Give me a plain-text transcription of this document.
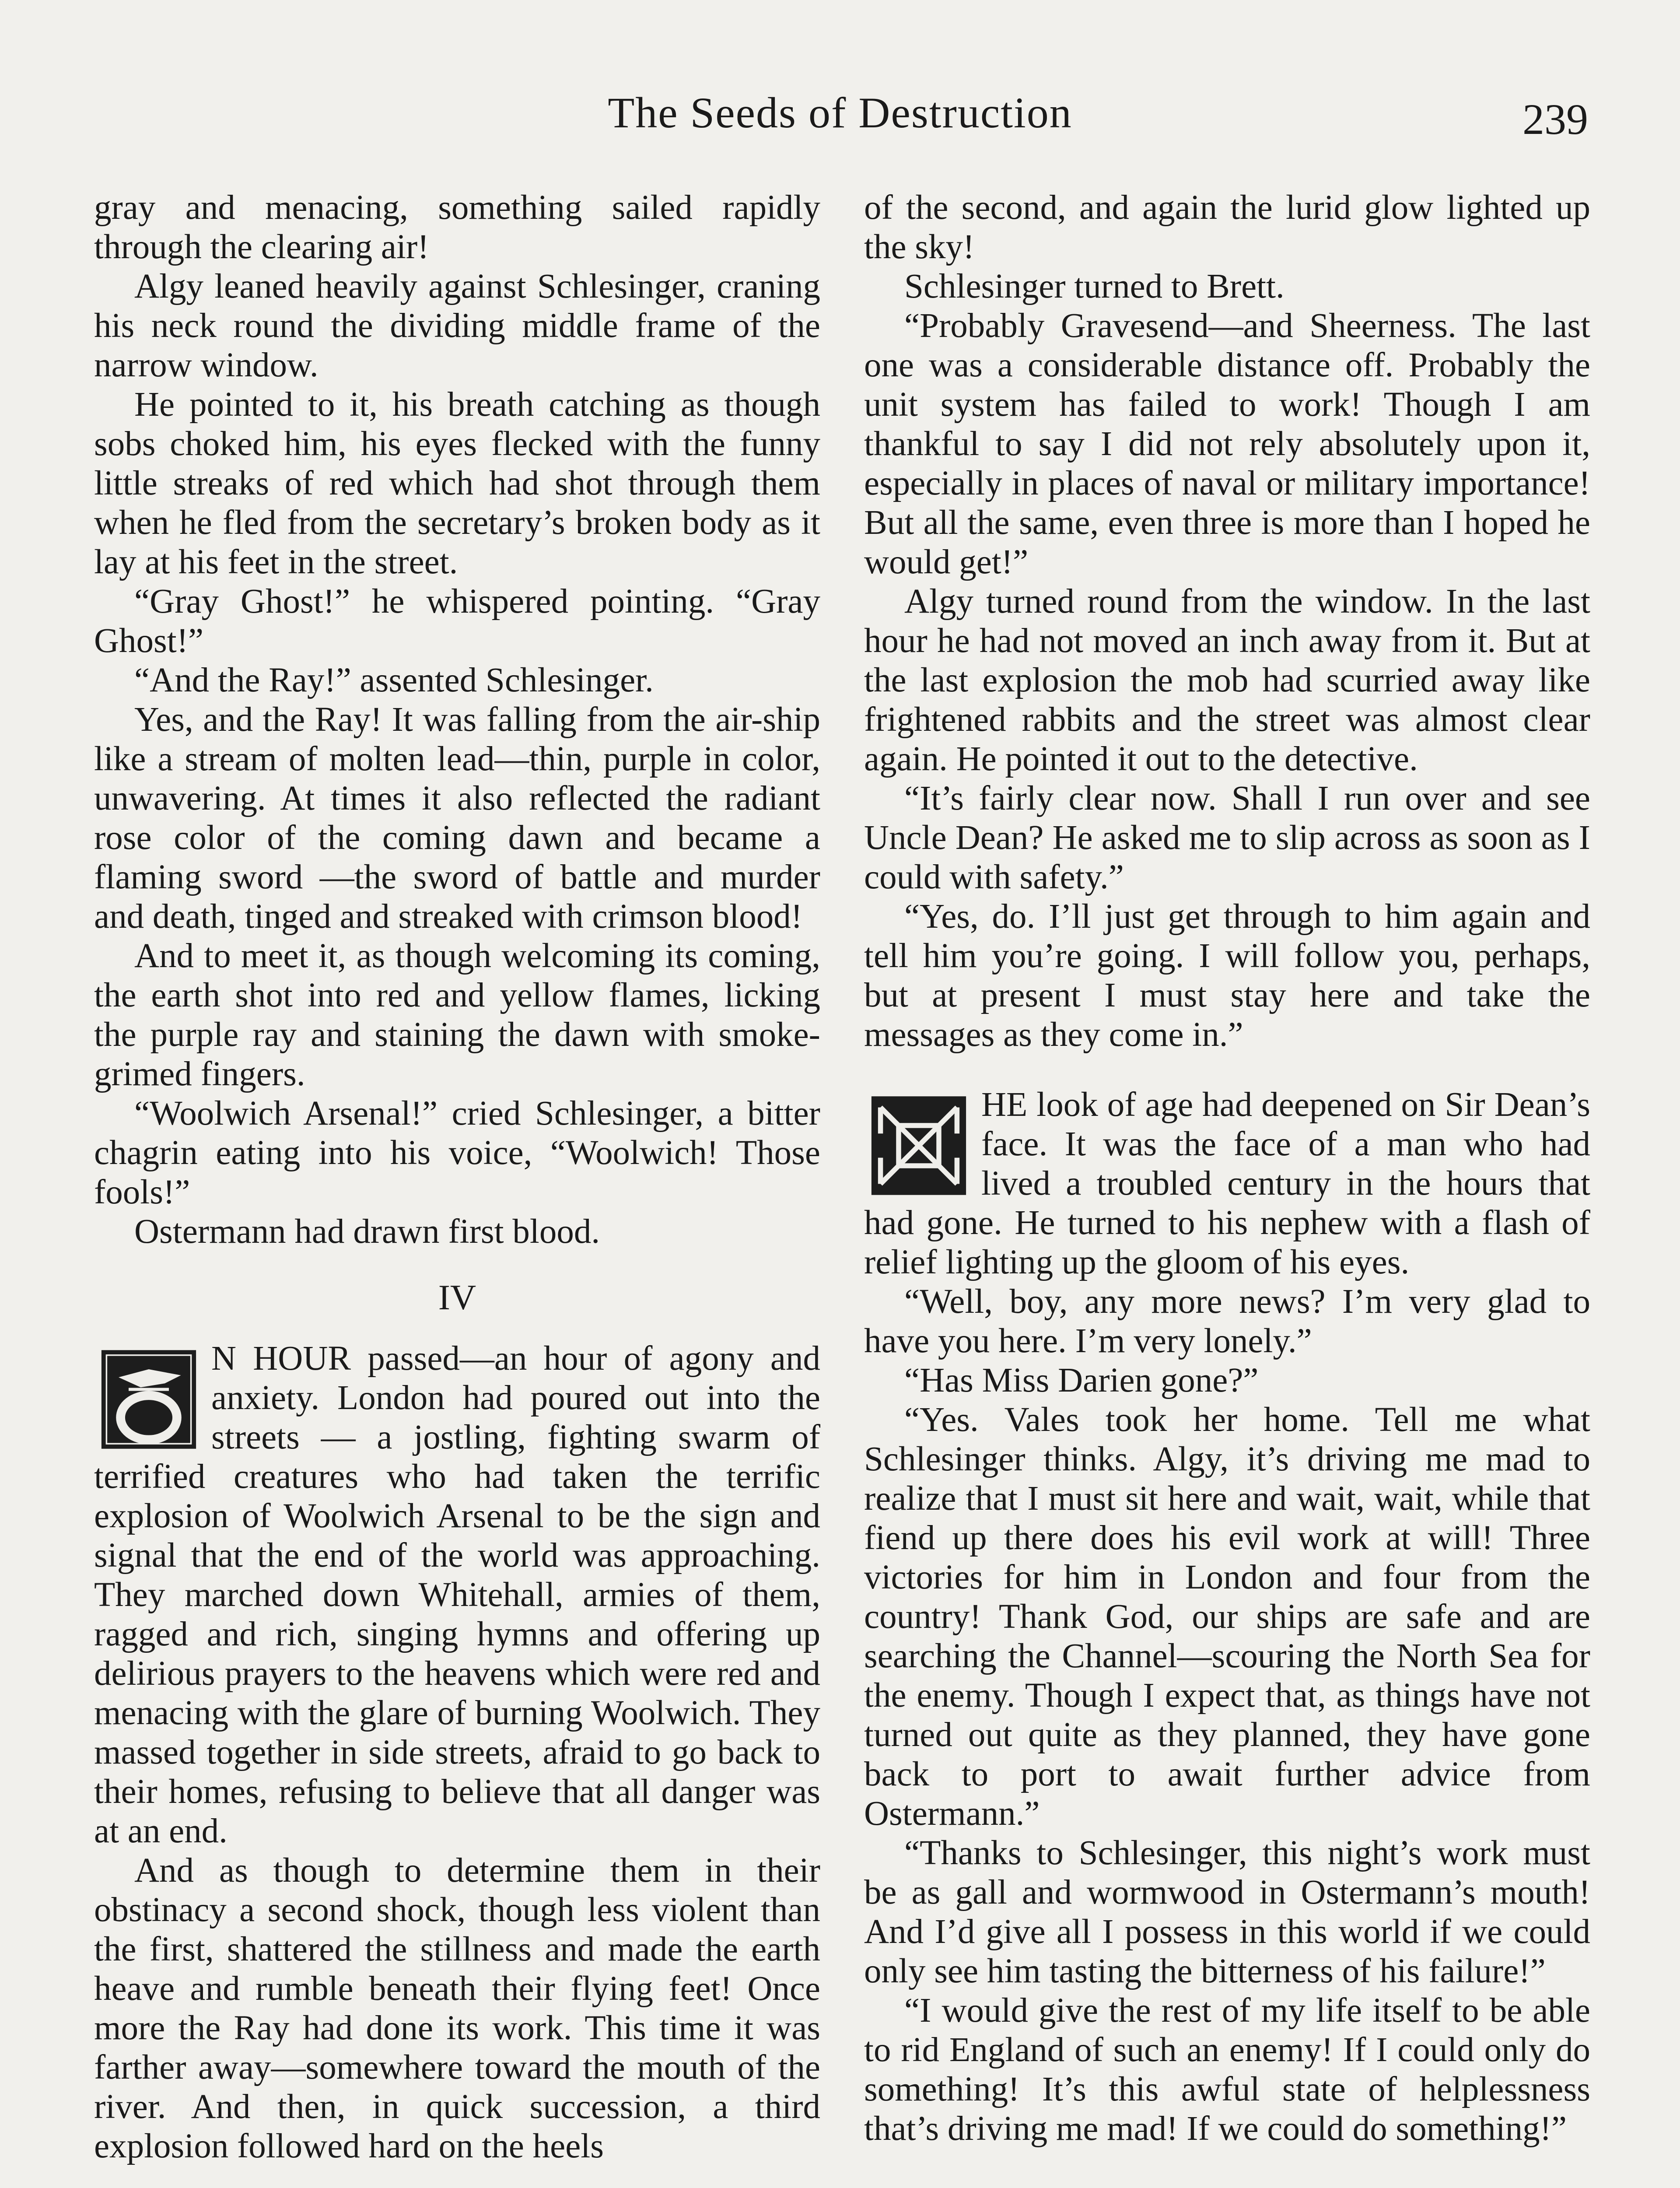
The Seeds of Destruction	239

gray and menacing, something sailed rapidly through the clearing air!

Algy leaned heavily against Schlesinger, craning his neck round the dividing middle frame of the narrow window.

He pointed to it, his breath catching as though sobs choked him, his eyes flecked with the funny little streaks of red which had shot through them when he fled from the secretary’s broken body as it lay at his feet in the street.

“Gray Ghost!” he whispered pointing. “Gray Ghost!”

“And the Ray!” assented Schlesinger.

Yes, and the Ray! It was falling from the air-ship like a stream of molten lead—thin, purple in color, unwavering. At times it also reflected the radiant rose color of the coming dawn and became a flaming sword —the sword of battle and murder and death, tinged and streaked with crimson blood!

And to meet it, as though welcoming its coming, the earth shot into red and yellow flames, licking the purple ray and staining the dawn with smoke-grimed fingers.

“Woolwich Arsenal!” cried Schlesinger, a bitter chagrin eating into his voice, “Woolwich! Those fools!”

Ostermann had drawn first blood.

IV

N HOUR passed—an hour of agony and anxiety. London had poured out into the streets — a jostling, fighting swarm of terrified creatures who had taken the terrific explosion of Woolwich Arsenal to be the sign and signal that the end of the world was approaching. They marched down Whitehall, armies of them, ragged and rich, singing hymns and offering up delirious prayers to the heavens which were red and menacing with the glare of burning Woolwich. They massed together in side streets, afraid to go back to their homes, refusing to believe that all danger was at an end.

And as though to determine them in their obstinacy a second shock, though less violent than the first, shattered the stillness and made the earth heave and rumble beneath their flying feet! Once more the Ray had done its work. This time it was farther away—somewhere toward the mouth of the river. And then, in quick succession, a third explosion followed hard on the heels

of the second, and again the lurid glow lighted up the sky!

Schlesinger turned to Brett.

“Probably Gravesend—and Sheerness. The last one was a considerable distance off. Probably the unit system has failed to work! Though I am thankful to say I did not rely absolutely upon it, especially in places of naval or military importance! But all the same, even three is more than I hoped he would get!”

Algy turned round from the window. In the last hour he had not moved an inch away from it. But at the last explosion the mob had scurried away like frightened rabbits and the street was almost clear again. He pointed it out to the detective.

“It’s fairly clear now. Shall I run over and see Uncle Dean? He asked me to slip across as soon as I could with safety.”

“Yes, do. I’ll just get through to him again and tell him you’re going. I will follow you, perhaps, but at present I must stay here and take the messages as they come in.”

HE look of age had deepened on Sir Dean’s face. It was the face of a man who had lived a troubled century in the hours that had gone. He turned to his nephew with a flash of relief lighting up the gloom of his eyes.

“Well, boy, any more news? I’m very glad to have you here. I’m very lonely.”

“Has Miss Darien gone?”

“Yes. Vales took her home. Tell me what Schlesinger thinks. Algy, it’s driving me mad to realize that I must sit here and wait, wait, while that fiend up there does his evil work at will! Three victories for him in London and four from the country! Thank God, our ships are safe and are searching the Channel—scouring the North Sea for the enemy. Though I expect that, as things have not turned out quite as they planned, they have gone back to port to await further advice from Ostermann.”

“Thanks to Schlesinger, this night’s work must be as gall and wormwood in Ostermann’s mouth! And I’d give all I possess in this world if we could only see him tasting the bitterness of his failure!”

“I would give the rest of my life itself to be able to rid England of such an enemy! If I could only do something! It’s this awful state of helplessness that’s driving me mad! If we could do something!”
